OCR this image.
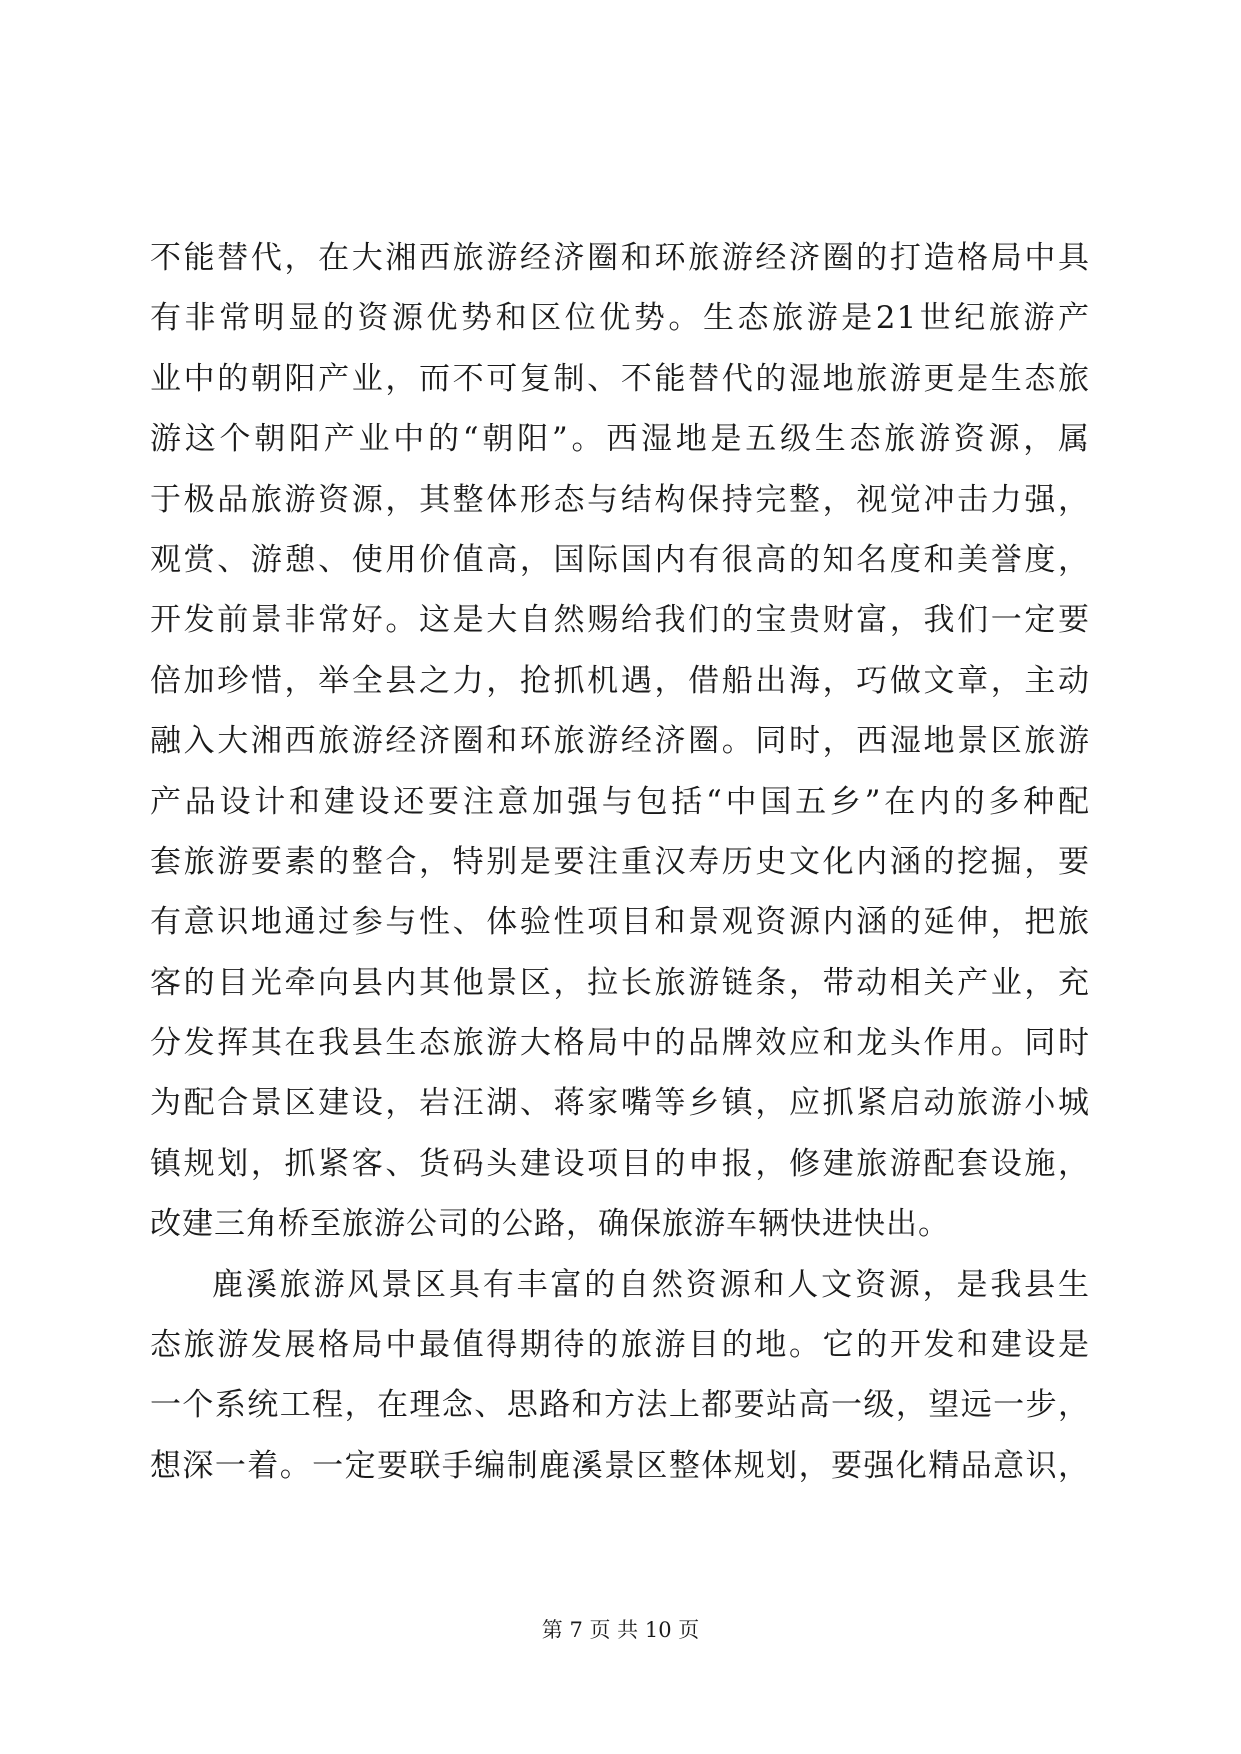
不能替代，在大湘西旅游经济圈和环旅游经济圈的打造格局中具
有非常明显的资源优势和区位优势。生态旅游是21世纪旅游产
业中的朝阳产业，而不可复制、不能替代的湿地旅游更是生态旅
游这个朝阳产业中的“朝阳”。西湿地是五级生态旅游资源，属
于极品旅游资源，其整体形态与结构保持完整，视觉冲击力强，
观赏、游憩、使用价值高，国际国内有很高的知名度和美誉度，
开发前景非常好。这是大自然赐给我们的宝贵财富，我们一定要
倍加珍惜，举全县之力，抢抓机遇，借船出海，巧做文章，主动
融入大湘西旅游经济圈和环旅游经济圈。同时，西湿地景区旅游
产品设计和建设还要注意加强与包括“中国五乡”在内的多种配
套旅游要素的整合，特别是要注重汉寿历史文化内涵的挖掘，要
有意识地通过参与性、体验性项目和景观资源内涵的延伸，把旅
客的目光牵向县内其他景区，拉长旅游链条，带动相关产业，充
分发挥其在我县生态旅游大格局中的品牌效应和龙头作用。同时
为配合景区建设，岩汪湖、蒋家嘴等乡镇，应抓紧启动旅游小城
镇规划，抓紧客、货码头建设项目的申报，修建旅游配套设施，
改建三角桥至旅游公司的公路，确保旅游车辆快进快出。
鹿溪旅游风景区具有丰富的自然资源和人文资源，是我县生
态旅游发展格局中最值得期待的旅游目的地。它的开发和建设是
一个系统工程，在理念、思路和方法上都要站高一级，望远一步，
想深一着。一定要联手编制鹿溪景区整体规划，要强化精品意识，
第 7 页 共 10 页
